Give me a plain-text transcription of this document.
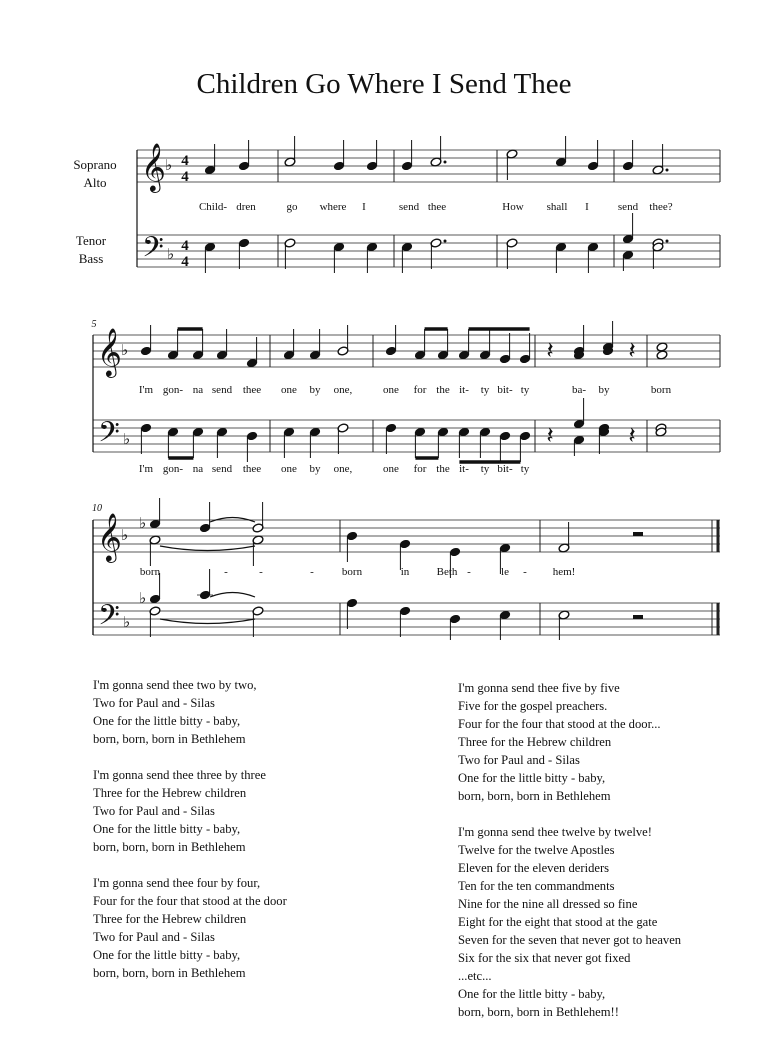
Children Go Where I Send Thee
Soprano
Alto
Tenor
Bass
𝄞
𝄢
♭
♭
4
4
4
4
Child- dren	go where I	send thee	How shall I	send thee?
5
𝄞
𝄢
♭
♭
𝄽	𝄽
I'm gon- na send thee one by one,	one for the it- ty bit- ty	ba- by	born
𝄽	𝄽
I'm gon- na send thee one by one,	one for the it- ty bit- ty
10
𝄞
𝄢
♭
♭
♭
born	-	-	-	born	in Beth -	le - hem!
♭

I'm gonna send thee two by two,
Two for Paul and - Silas
One for the little bitty - baby,
born, born, born in Bethlehem
I'm gonna send thee three by three
Three for the Hebrew children
Two for Paul and - Silas
One for the little bitty - baby,
born, born, born in Bethlehem
I'm gonna send thee four by four,
Four for the four that stood at the door
Three for the Hebrew children
Two for Paul and - Silas
One for the little bitty - baby,
born, born, born in Bethlehem

I'm gonna send thee five by five
Five for the gospel preachers.
Four for the four that stood at the door...
Three for the Hebrew children
Two for Paul and - Silas
One for the little bitty - baby,
born, born, born in Bethlehem
I'm gonna send thee twelve by twelve!
Twelve for the twelve Apostles
Eleven for the eleven deriders
Ten for the ten commandments
Nine for the nine all dressed so fine
Eight for the eight that stood at the gate
Seven for the seven that never got to heaven
Six for the six that never got fixed
...etc...
One for the little bitty - baby,
born, born, born in Bethlehem!!
